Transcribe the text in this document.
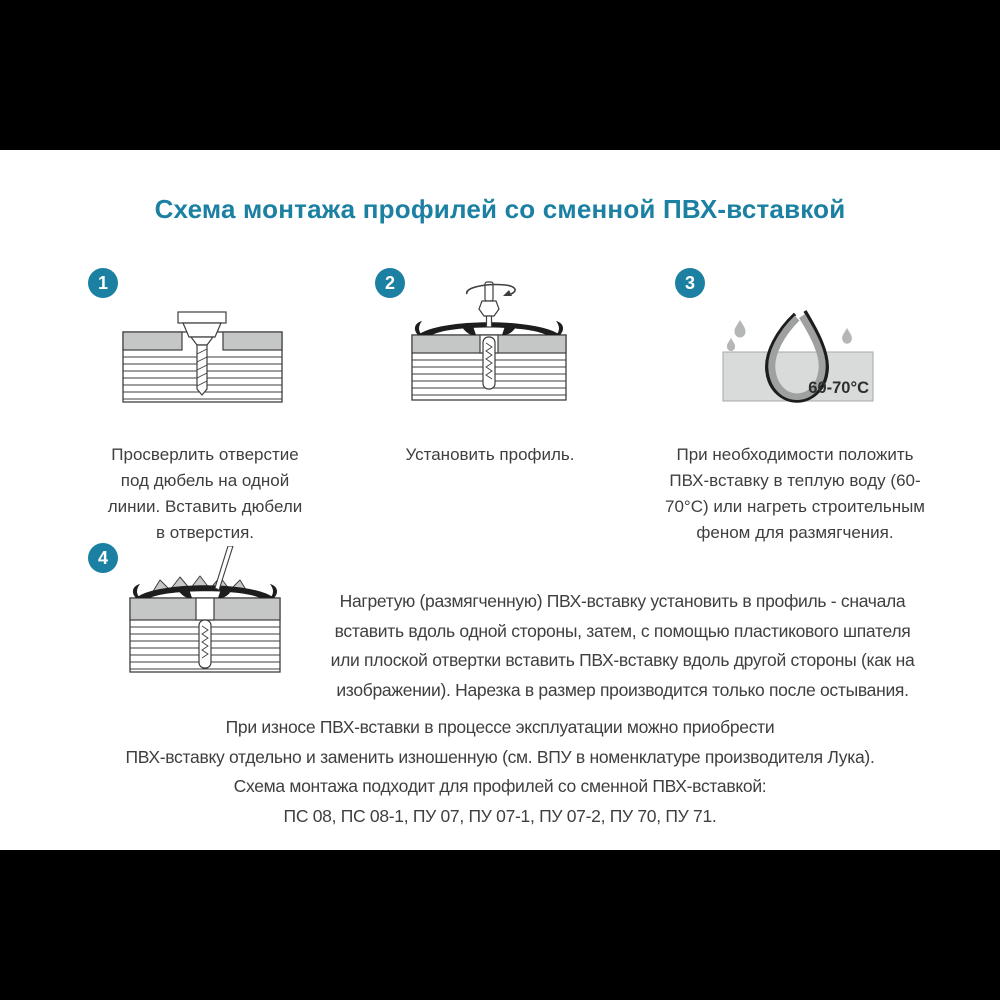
Схема монтажа профилей со сменной ПВХ-вставкой
1

Просверлить отверстие
под дюбель на одной
линии. Вставить дюбели
в отверстия.

2

Установить профиль.

3
60-70°C

При необходимости положить
ПВХ-вставку в теплую воду (60-
70°C) или нагреть строительным
феном для размягчения.

4

Нагретую (размягченную) ПВХ-вставку установить в профиль - сначала
вставить вдоль одной стороны, затем, с помощью пластикового шпателя
или плоской отвертки вставить ПВХ-вставку вдоль другой стороны (как на
изображении). Нарезка в размер производится только после остывания.

При износе ПВХ-вставки в процессе эксплуатации можно приобрести
ПВХ-вставку отдельно и заменить изношенную (см. ВПУ в номенклатуре производителя Лука).
Схема монтажа подходит для профилей со сменной ПВХ-вставкой:
ПС 08, ПС 08-1, ПУ 07, ПУ 07-1, ПУ 07-2, ПУ 70, ПУ 71.
